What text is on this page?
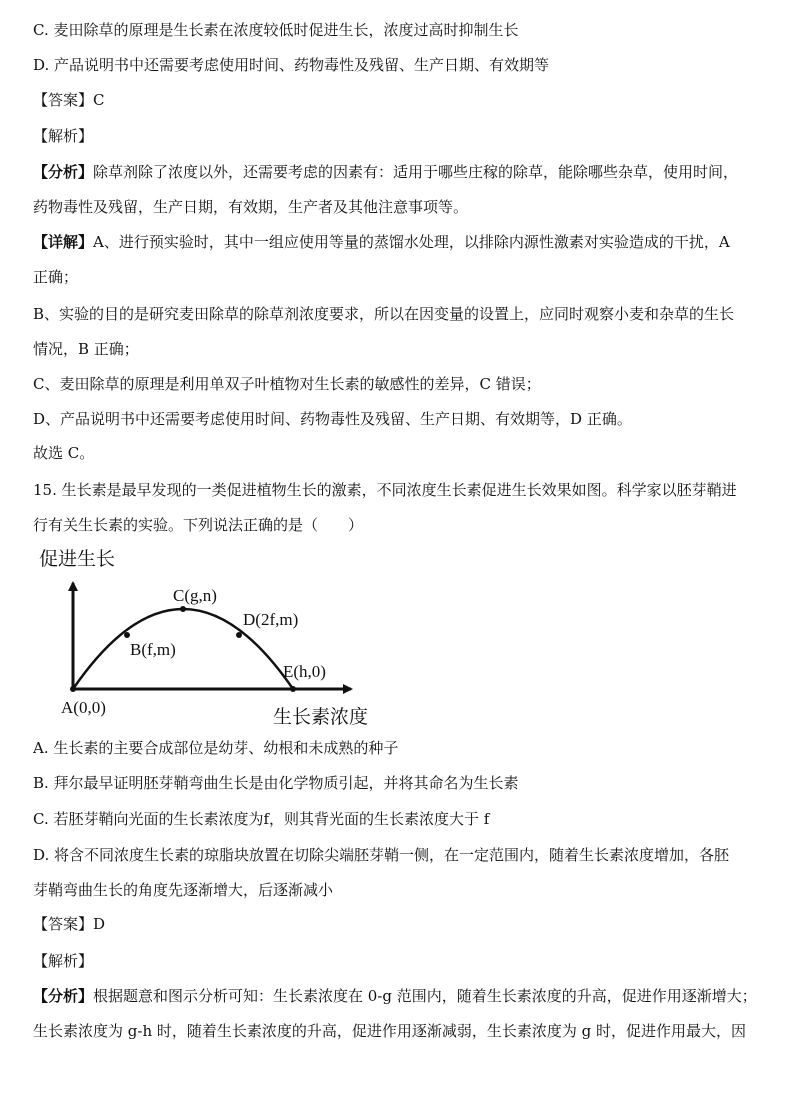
C. 麦田除草的原理是生长素在浓度较低时促进生长，浓度过高时抑制生长
D. 产品说明书中还需要考虑使用时间、药物毒性及残留、生产日期、有效期等
【答案】C
【解析】
【分析】除草剂除了浓度以外，还需要考虑的因素有：适用于哪些庄稼的除草，能除哪些杂草，使用时间，
药物毒性及残留，生产日期，有效期，生产者及其他注意事项等。
【详解】A、进行预实验时，其中一组应使用等量的蒸馏水处理，以排除内源性激素对实验造成的干扰，A
正确；
B、实验的目的是研究麦田除草的除草剂浓度要求，所以在因变量的设置上，应同时观察小麦和杂草的生长
情况，B 正确；
C、麦田除草的原理是利用单双子叶植物对生长素的敏感性的差异，C 错误；
D、产品说明书中还需要考虑使用时间、药物毒性及残留、生产日期、有效期等，D 正确。
故选 C。
15. 生长素是最早发现的一类促进植物生长的激素，不同浓度生长素促进生长效果如图。科学家以胚芽鞘进
行有关生长素的实验。下列说法正确的是（　　）
促进生长
生长素浓度
A(0,0)
B(f,m)
C(g,n)
D(2f,m)
E(h,0)
A. 生长素的主要合成部位是幼芽、幼根和未成熟的种子
B. 拜尔最早证明胚芽鞘弯曲生长是由化学物质引起，并将其命名为生长素
C. 若胚芽鞘向光面的生长素浓度为f，则其背光面的生长素浓度大于 f
D. 将含不同浓度生长素的琼脂块放置在切除尖端胚芽鞘一侧，在一定范围内，随着生长素浓度增加，各胚
芽鞘弯曲生长的角度先逐渐增大，后逐渐减小
【答案】D
【解析】
【分析】根据题意和图示分析可知：生长素浓度在 0-g 范围内，随着生长素浓度的升高，促进作用逐渐增大；
生长素浓度为 g-h 时，随着生长素浓度的升高，促进作用逐渐减弱，生长素浓度为 g 时，促进作用最大，因
